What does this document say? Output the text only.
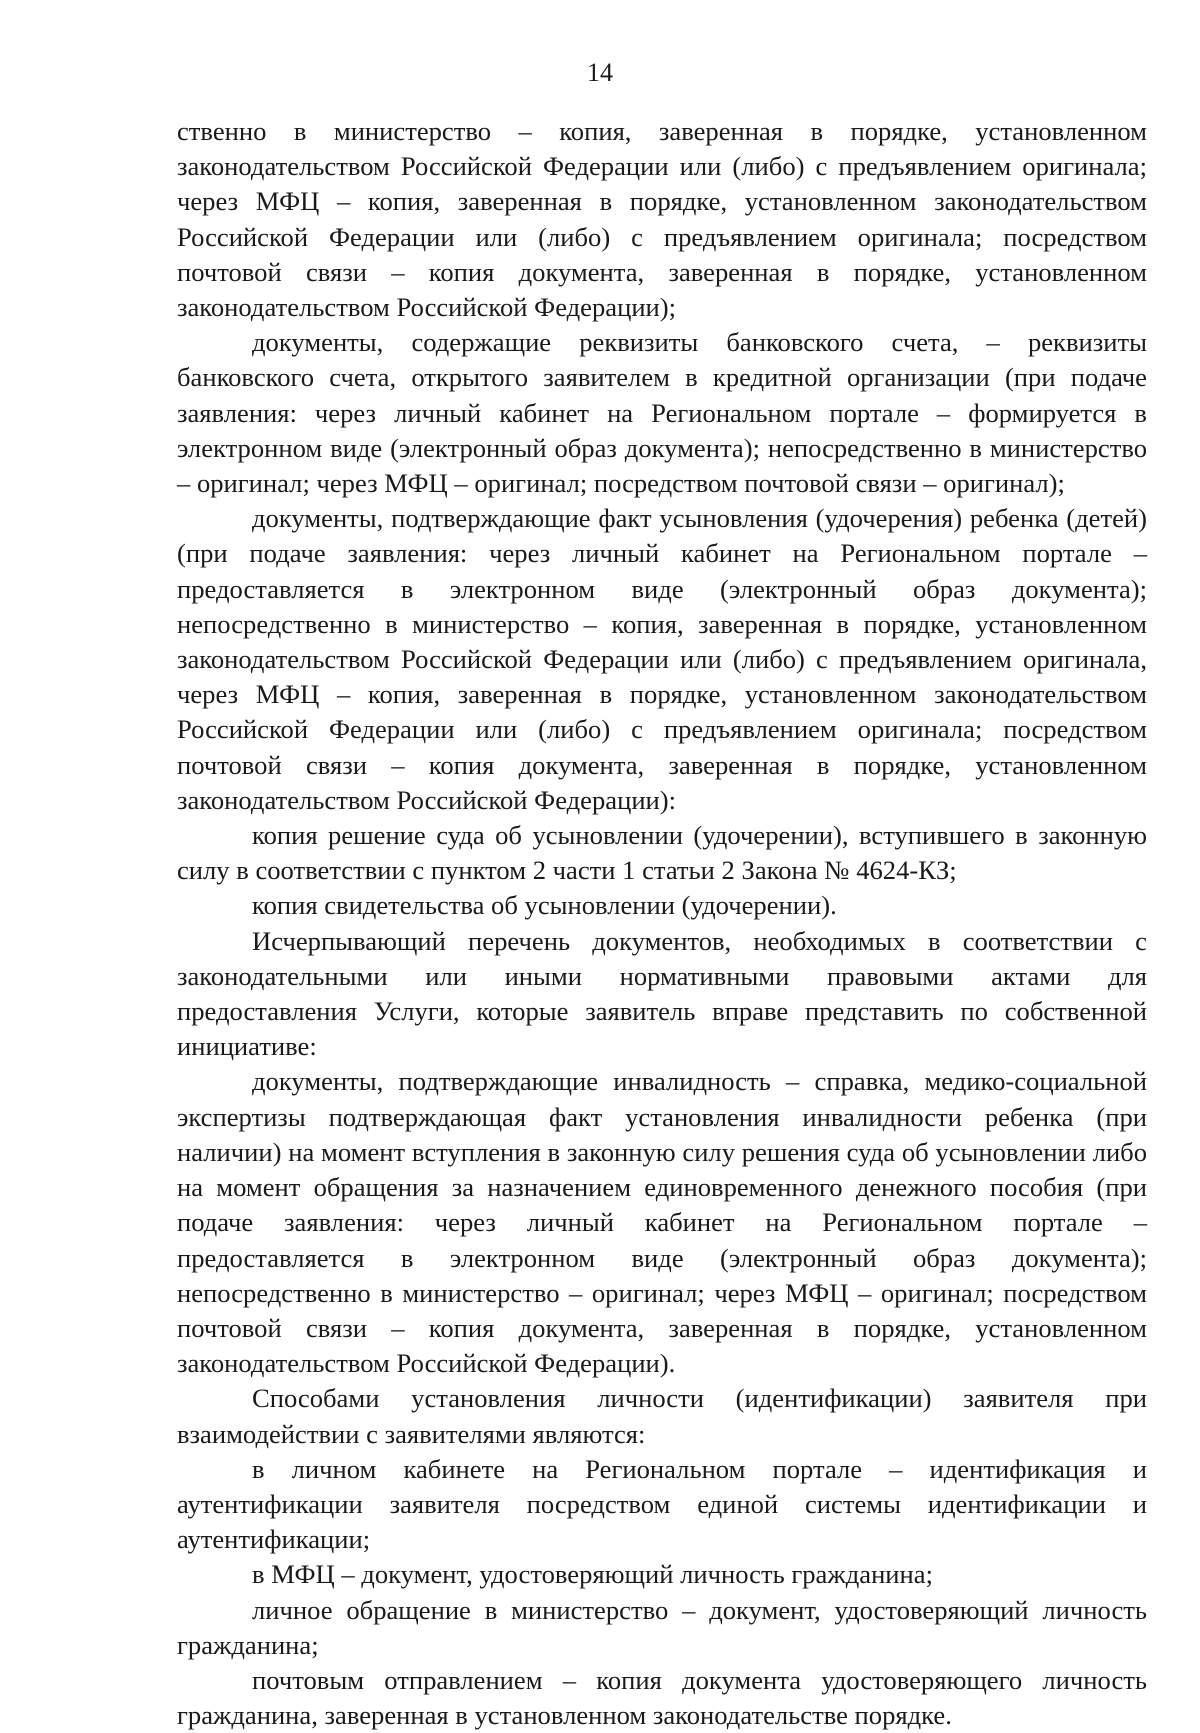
14

ственно в министерство – копия, заверенная в порядке, установленном законодательством Российской Федерации или (либо) с предъявлением оригинала; через МФЦ – копия, заверенная в порядке, установленном законодательством Российской Федерации или (либо) с предъявлением оригинала; посредством почтовой связи – копия документа, заверенная в порядке, установленном законодательством Российской Федерации);

документы, содержащие реквизиты банковского счета, – реквизиты банковского счета, открытого заявителем в кредитной организации (при подаче заявления: через личный кабинет на Региональном портале – формируется в электронном виде (электронный образ документа); непосредственно в министерство – оригинал; через МФЦ – оригинал; посредством почтовой связи – оригинал);

документы, подтверждающие факт усыновления (удочерения) ребенка (детей) (при подаче заявления: через личный кабинет на Региональном портале – предоставляется в электронном виде (электронный образ документа); непосредственно в министерство – копия, заверенная в порядке, установленном законодательством Российской Федерации или (либо) с предъявлением оригинала, через МФЦ – копия, заверенная в порядке, установленном законодательством Российской Федерации или (либо) с предъявлением оригинала; посредством почтовой связи – копия документа, заверенная в порядке, установленном законодательством Российской Федерации):

копия решение суда об усыновлении (удочерении), вступившего в законную силу в соответствии с пунктом 2 части 1 статьи 2 Закона № 4624-КЗ;

копия свидетельства об усыновлении (удочерении).

Исчерпывающий перечень документов, необходимых в соответствии с законодательными или иными нормативными правовыми актами для предоставления Услуги, которые заявитель вправе представить по собственной инициативе:

документы, подтверждающие инвалидность – справка, медико-социальной экспертизы подтверждающая факт установления инвалидности ребенка (при наличии) на момент вступления в законную силу решения суда об усыновлении либо на момент обращения за назначением единовременного денежного пособия (при подаче заявления: через личный кабинет на Региональном портале – предоставляется в электронном виде (электронный образ документа); непосредственно в министерство – оригинал; через МФЦ – оригинал; посредством почтовой связи – копия документа, заверенная в порядке, установленном законодательством Российской Федерации).

Способами установления личности (идентификации) заявителя при взаимодействии с заявителями являются:

в личном кабинете на Региональном портале – идентификация и аутентификации заявителя посредством единой системы идентификации и аутентификации;

в МФЦ – документ, удостоверяющий личность гражданина;

личное обращение в министерство – документ, удостоверяющий личность гражданина;

почтовым отправлением – копия документа удостоверяющего личность гражданина, заверенная в установленном законодательстве порядке.
